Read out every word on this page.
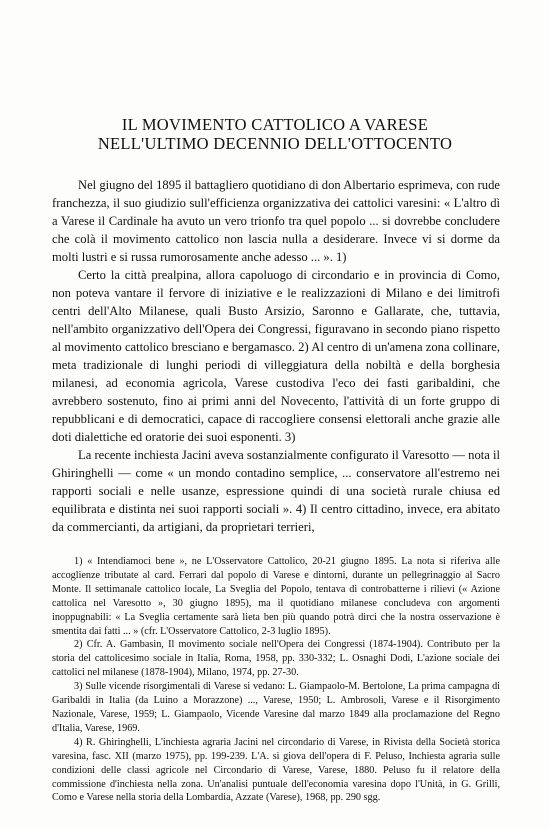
IL MOVIMENTO CATTOLICO A VARESE
NELL'ULTIMO DECENNIO DELL'OTTOCENTO

Nel giugno del 1895 il battagliero quotidiano di don Albertario esprimeva, con rude franchezza, il suo giudizio sull'efficienza organizzativa dei cattolici varesini: « L'altro dì a Varese il Cardinale ha avuto un vero trionfo tra quel popolo ... si dovrebbe concludere che colà il movimento cattolico non lascia nulla a desiderare. Invece vi si dorme da molti lustri e si russa rumorosamente anche adesso ... ». 1)

Certo la città prealpina, allora capoluogo di circondario e in provincia di Como, non poteva vantare il fervore di iniziative e le realizzazioni di Milano e dei limitrofi centri dell'Alto Milanese, quali Busto Arsizio, Saronno e Gallarate, che, tuttavia, nell'ambito organizzativo dell'Opera dei Congressi, figuravano in secondo piano rispetto al movimento cattolico bresciano e bergamasco. 2) Al centro di un'amena zona collinare, meta tradizionale di lunghi periodi di villeggiatura della nobiltà e della borghesia milanesi, ad economia agricola, Varese custodiva l'eco dei fasti garibaldini, che avrebbero sostenuto, fino ai primi anni del Novecento, l'attività di un forte gruppo di repubblicani e di democratici, capace di raccogliere consensi elettorali anche grazie alle doti dialettiche ed oratorie dei suoi esponenti. 3)

La recente inchiesta Jacini aveva sostanzialmente configurato il Varesotto — nota il Ghiringhelli — come « un mondo contadino semplice, ... conservatore all'estremo nei rapporti sociali e nelle usanze, espressione quindi di una società rurale chiusa ed equilibrata e distinta nei suoi rapporti sociali ». 4) Il centro cittadino, invece, era abitato da commercianti, da artigiani, da proprietari terrieri,

1) « Intendiamoci bene », ne L'Osservatore Cattolico, 20-21 giugno 1895. La nota si riferiva alle accoglienze tributate al card. Ferrari dal popolo di Varese e dintorni, durante un pellegrinaggio al Sacro Monte. Il settimanale cattolico locale, La Sveglia del Popolo, tentava di controbatterne i rilievi (« Azione cattolica nel Varesotto », 30 giugno 1895), ma il quotidiano milanese concludeva con argomenti inoppugnabili: « La Sveglia certamente sarà lieta ben più quando potrà dirci che la nostra osservazione è smentita dai fatti ... » (cfr. L'Osservatore Cattolico, 2-3 luglio 1895).

2) Cfr. A. Gambasin, Il movimento sociale nell'Opera dei Congressi (1874-1904). Contributo per la storia del cattolicesimo sociale in Italia, Roma, 1958, pp. 330-332; L. Osnaghi Dodi, L'azione sociale dei cattolici nel milanese (1878-1904), Milano, 1974, pp. 27-30.

3) Sulle vicende risorgimentali di Varese si vedano: L. Giampaolo-M. Bertolone, La prima campagna di Garibaldi in Italia (da Luino a Morazzone) ..., Varese, 1950; L. Ambrosoli, Varese e il Risorgimento Nazionale, Varese, 1959; L. Giampaolo, Vicende Varesine dal marzo 1849 alla proclamazione del Regno d'Italia, Varese, 1969.

4) R. Ghiringhelli, L'inchiesta agraria Jacini nel circondario di Varese, in Rivista della Società storica varesina, fasc. XII (marzo 1975), pp. 199-239. L'A. si giova dell'opera di F. Peluso, Inchiesta agraria sulle condizioni delle classi agricole nel Circondario di Varese, Varese, 1880. Peluso fu il relatore della commissione d'inchiesta nella zona. Un'analisi puntuale dell'economia varesina dopo l'Unità, in G. Grilli, Como e Varese nella storia della Lombardia, Azzate (Varese), 1968, pp. 290 sgg.
